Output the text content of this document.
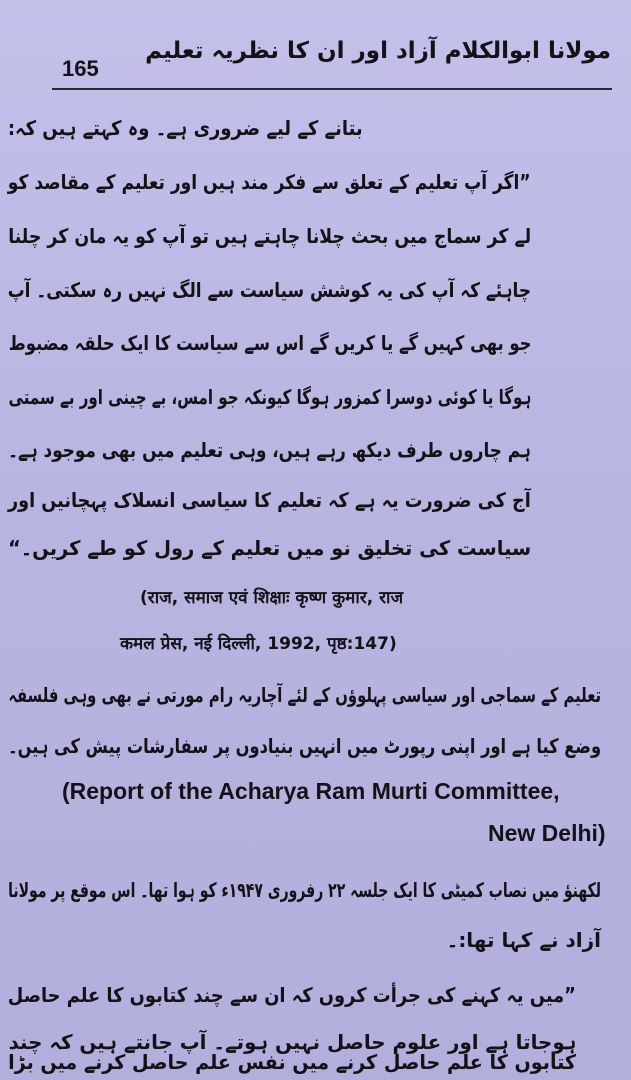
165
مولانا ابوالکلام آزاد اور ان کا نظریہ تعلیم
بتانے کے لیے ضروری ہے۔ وہ کہتے ہیں کہ:
”اگر آپ تعلیم کے تعلق سے فکر مند ہیں اور تعلیم کے مقاصد کو
لے کر سماج میں بحث چلانا چاہتے ہیں تو آپ کو یہ مان کر چلنا
چاہئے کہ آپ کی یہ کوشش سیاست سے الگ نہیں رہ سکتی۔ آپ
جو بھی کہیں گے یا کریں گے اس سے سیاست کا ایک حلقہ مضبوط
ہوگا یا کوئی دوسرا کمزور ہوگا کیونکہ جو امس، بے چینی اور بے سمتی
ہم چاروں طرف دیکھ رہے ہیں، وہی تعلیم میں بھی موجود ہے۔
آج کی ضرورت یہ ہے کہ تعلیم کا سیاسی انسلاک پہچانیں اور
سیاست کی تخلیق نو میں تعلیم کے رول کو طے کریں۔“
(राज, समाज एवं शिक्षाः कृष्ण कुमार, राज
कमल प्रेस, नई दिल्ली, 1992, पृष्ठ:147)
تعلیم کے سماجی اور سیاسی پہلوؤں کے لئے آچاریہ رام مورتی نے بھی وہی فلسفہ
وضع کیا ہے اور اپنی رپورٹ میں انہیں بنیادوں پر سفارشات پیش کی ہیں۔
(Report of the Acharya Ram Murti Committee,
New Delhi)
لکھنؤ میں نصاب کمیٹی کا ایک جلسہ ۲۲ رفروری ۱۹۴۷ء کو ہوا تھا۔ اس موقع پر مولانا
آزاد نے کہا تھا:۔
”میں یہ کہنے کی جرأت کروں کہ ان سے چند کتابوں کا علم حاصل
ہوجاتا ہے اور علوم حاصل نہیں ہوتے۔ آپ جانتے ہیں کہ چند
کتابوں کا علم حاصل کرنے میں نفس علم حاصل کرنے میں بڑا
